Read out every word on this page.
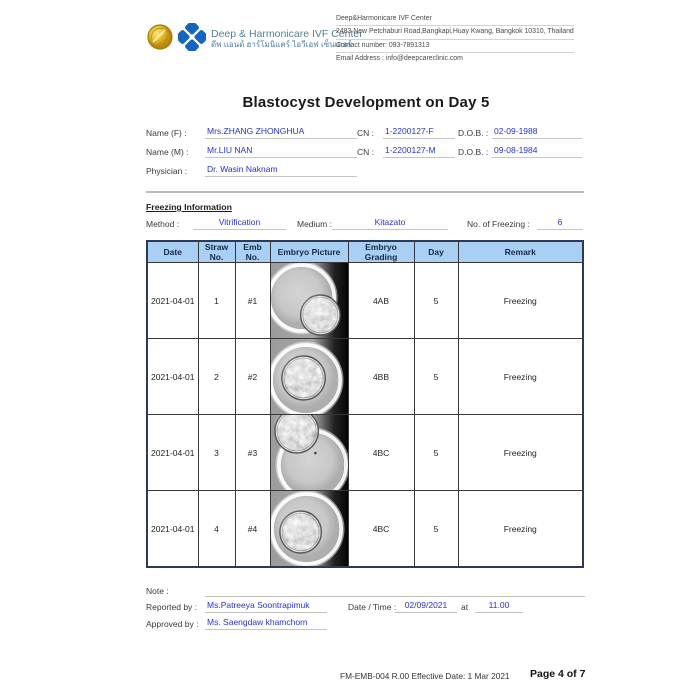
Deep & Harmonicare IVF Center
ดีพ แอนด์ ฮาร์โมนิแคร์ ไอวีเอฟ เซ็นเตอร์
Deep&Harmonicare IVF Center
2483 New Petchaburi Road,Bangkapi,Huay Kwang, Bangkok 10310, Thailand
Contact number: 093-7891313
Email Address : info@deepcareclinic.com
Blastocyst Development on Day 5
Name (F) : Mrs.ZHANG ZHONGHUA	CN : 1-2200127-F	D.O.B. : 02-09-1988
Name (M) : Mr.LIU NAN	CN : 1-2200127-M	D.O.B. : 09-08-1984
Physician : Dr. Wasin Naknam
Freezing Information
Method :	Vitrification	Medium :	Kitazato	No. of Freezing :	6
Date	Straw No.	Emb No.	Embryo Picture	Embryo Grading	Day	Remark
2021-04-01	1	#1		4AB	5	Freezing
2021-04-01	2	#2		4BB	5	Freezing
2021-04-01	3	#3		4BC	5	Freezing
2021-04-01	4	#4		4BC	5	Freezing
Note :
Reported by : Ms.Patreeya Soontrapimuk	Date / Time :	02/09/2021	at	11.00
Approved by : Ms. Saengdaw khamchorn
FM-EMB-004 R.00 Effective Date: 1 Mar 2021 Page 4 of 7
